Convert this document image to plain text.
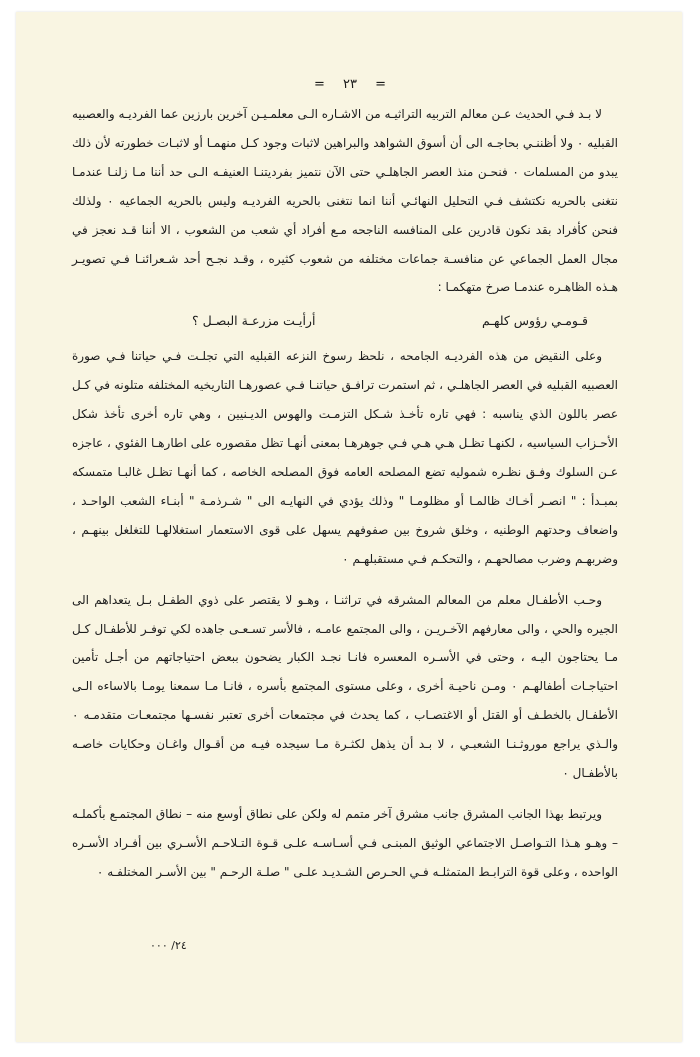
= ٢٣ =

لا بـد فـي الحديث عـن معالم التربيه التراثيـه من الاشـاره الـى معلمـيـن آخرين بارزين عما الفرديـه والعصبيه القبليه ٠ ولا أظننـي بحاجـه الى أن أسوق الشواهد والبراهين لاثبات وجود كـل منهمـا أو لاثبـات خطورته لأن ذلك يبدو من المسلمات ٠ فنحـن منذ العصر الجاهلـي حتى الآن نتميز بفرديتنـا العنيفـه الـى حد أننا مـا زلنـا عندمـا نتغنى بالحريه نكتشف فـي التحليل النهائـي أننا انما نتغنى بالحريه الفرديـه وليس بالحريه الجماعيه ٠ ولذلك فنحن كأفراد بقد نكون قادرين على المنافسه الناجحه مـع أفراد أي شعب من الشعوب ، الا أننا قـد نعجز في مجال العمل الجماعي عن منافسـة جماعات مختلفه من شعوب كثيره ، وقـد نجـح أحد شـعرائنـا فـي تصويـر هـذه الظاهـره عندمـا صرخ متهكمـا :

قـومـي رؤوس كلهـم
أرأيـت مزرعـة البصـل ؟

وعلى النقيض من هذه الفرديـه الجامحه ، نلحظ رسوخ النزعه القبليه التي تجلـت فـي حياتنا فـي صورة العصبيه القبليه في العصر الجاهلـي ، ثم استمرت ترافـق حياتنـا فـي عصورهـا التاريخيه المختلفه متلونه في كـل عصر باللون الذي يناسبه : فهي تاره تأخـذ شـكل التزمـت والهوس الديـنيين ، وهي تاره أخرى تأخذ شكل الأحـزاب السياسيه ، لكنهـا تظـل هـي هـي فـي جوهرهـا بمعنى أنهـا تظل مقصوره على اطارهـا الفئوي ، عاجزه عـن السلوك وفـق نظـره شموليه تضع المصلحه العامه فوق المصلحه الخاصه ، كما أنهـا تظـل غالبـا متمسكه بمبـدأ : " انصـر أخـاك ظالمـا أو مظلومـا " وذلك يؤدي في النهايـه الى " شـرذمـة " أبنـاء الشعب الواحـد ، واضعاف وحدتهم الوطنيه ، وخلق شروخ بين صفوفهم يسهل على قوى الاستعمار استغلالهـا للتغلغل بينهـم ، وضربهـم وضرب مصالحهـم ، والتحكـم فـي مستقبلهـم ٠

وحـب الأطفـال معلم من المعالم المشرقه في تراثنـا ، وهـو لا يقتصر على ذوي الطفـل بـل يتعداهم الى الجيره والحي ، والى معارفهم الآخـريـن ، والى المجتمع عامـه ، فالأسر تسـعـى جاهده لكي توفـر للأطفـال كـل مـا يحتاجون اليـه ، وحتى في الأسـره المعسره فانـا نجـد الكبار يضحون ببعض احتياجاتهم من أجـل تأمين احتياجـات أطفالهـم ٠ ومـن ناحيـة أخرى ، وعلى مستوى المجتمع بأسره ، فانـا مـا سمعنا يومـا بالاساءه الـى الأطفـال بالخطـف أو القتل أو الاغتصـاب ، كما يحدث في مجتمعات أخرى تعتبر نفسـها مجتمعـات متقدمـه ٠ والـذي يراجع موروثـنـا الشعبـي ، لا بـد أن يذهل لكثـرة مـا سيجده فيـه من أقـوال واغـان وحكايات خاصـه بالأطفـال ٠

ويرتبط بهذا الجانب المشرق جانب مشرق آخر متمم له ولكن على نطاق أوسع منه – نطاق المجتمـع بأكملـه – وهـو هـذا التـواصـل الاجتماعي الوثيق المبنـى فـي أسـاسـه علـى قـوة التـلاحـم الأسـري بين أفـراد الأسـره الواحده ، وعلى قوة الترابـط المتمثلـه فـي الحـرص الشـديـد علـى " صلـة الرحـم " بين الأسـر المختلفـه ٠

٢٤/ ٠٠٠
